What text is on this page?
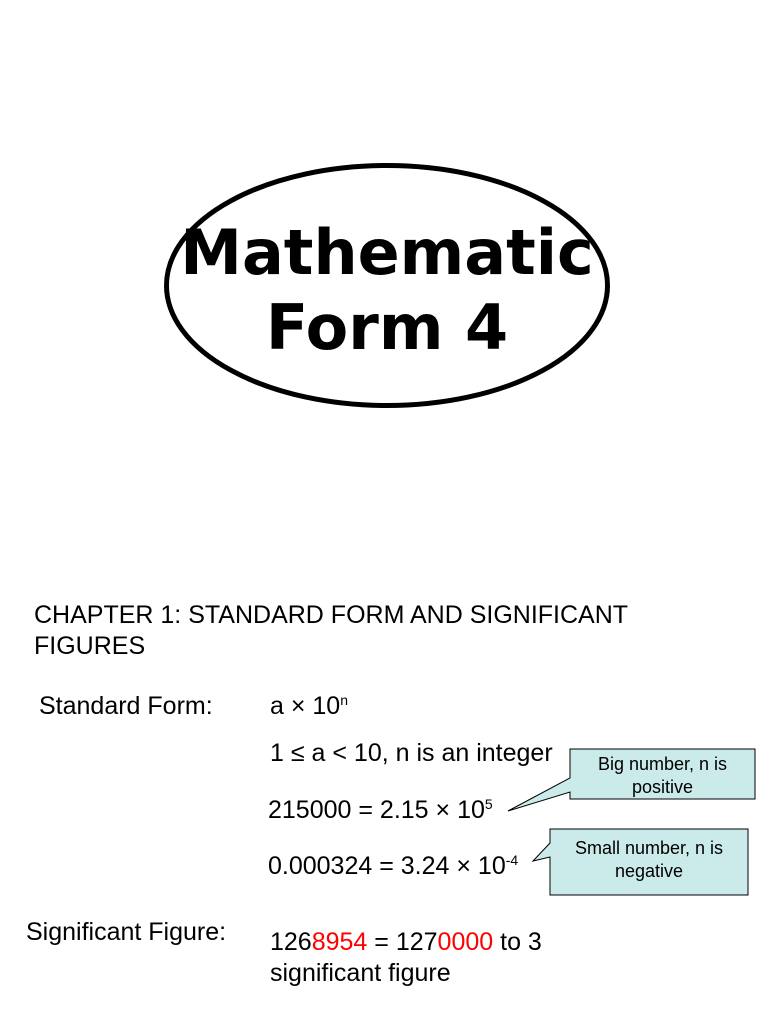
Mathematic
Form 4
CHAPTER 1: STANDARD FORM AND SIGNIFICANT
FIGURES
Standard Form: $a \times 10^n$
1 ≤ a < 10, n is an integer
$215000 = 2.15 \times 10^5$
$0.000324 = 3.24 \times 10^{-4}$
Big number, n is
positive
Small number, n is
negative
Significant Figure: 1268954 = 1270000 to 3
significant figure
